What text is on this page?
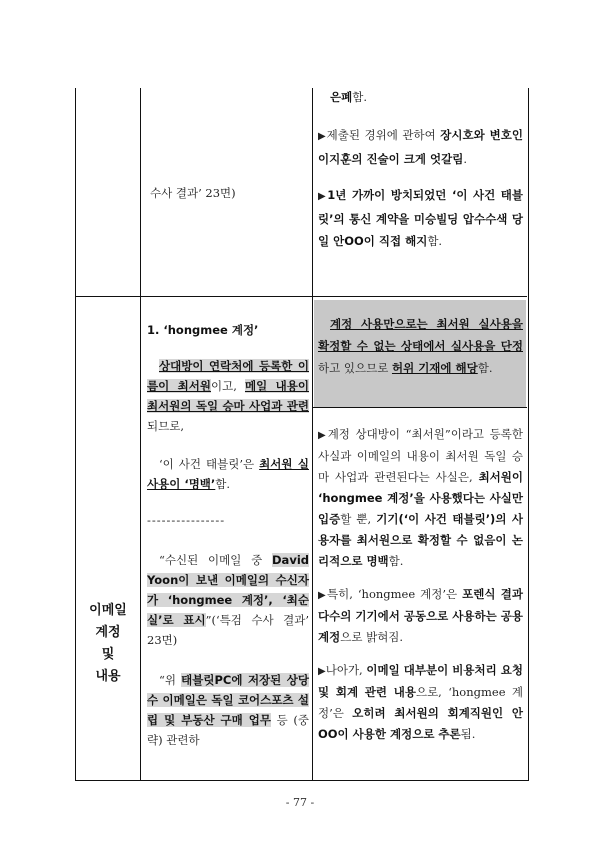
이메일
계정
및
내용
수사 결과’ 23면)

은폐함.

▶제출된 경위에 관하여 장시호와 변호인 이지훈의 진술이 크게 엇갈림.

▶1년 가까이 방치되었던 ‘이 사건 태블릿’의 통신 계약을 미승빌딩 압수수색 당일 안OO이 직접 해지함.

1. ‘hongmee 계정’

상대방이 연락처에 등록한 이름이 최서원이고, 메일 내용이 최서원의 독일 승마 사업과 관련되므로,

‘이 사건 태블릿’은 최서원 실사용이 ‘명백’함.

----------------

“수신된 이메일 중 David Yoon이 보낸 이메일의 수신자가 ‘hongmee 계정’, ‘최순실’로 표시”(‘특검 수사 결과’ 23면)

“위 태블릿PC에 저장된 상당수 이메일은 독일 코어스포츠 설립 및 부동산 구매 업무 등 (중략) 관련하

계정 사용만으로는 최서원 실사용을 확정할 수 없는 상태에서 실사용을 단정하고 있으므로 허위 기재에 해당함.

▶계정 상대방이 “최서원”이라고 등록한 사실과 이메일의 내용이 최서원 독일 승마 사업과 관련된다는 사실은, 최서원이 ‘hongmee 계정’을 사용했다는 사실만 입증할 뿐, 기기(‘이 사건 태블릿’)의 사용자를 최서원으로 확정할 수 없음이 논리적으로 명백함.

▶특히, ‘hongmee 계정’은 포렌식 결과 다수의 기기에서 공동으로 사용하는 공용 계정으로 밝혀짐.

▶나아가, 이메일 대부분이 비용처리 요청 및 회계 관련 내용으로, ‘hongmee 계정’은 오히려 최서원의 회계직원인 안OO이 사용한 계정으로 추론됨.

- 77 -
